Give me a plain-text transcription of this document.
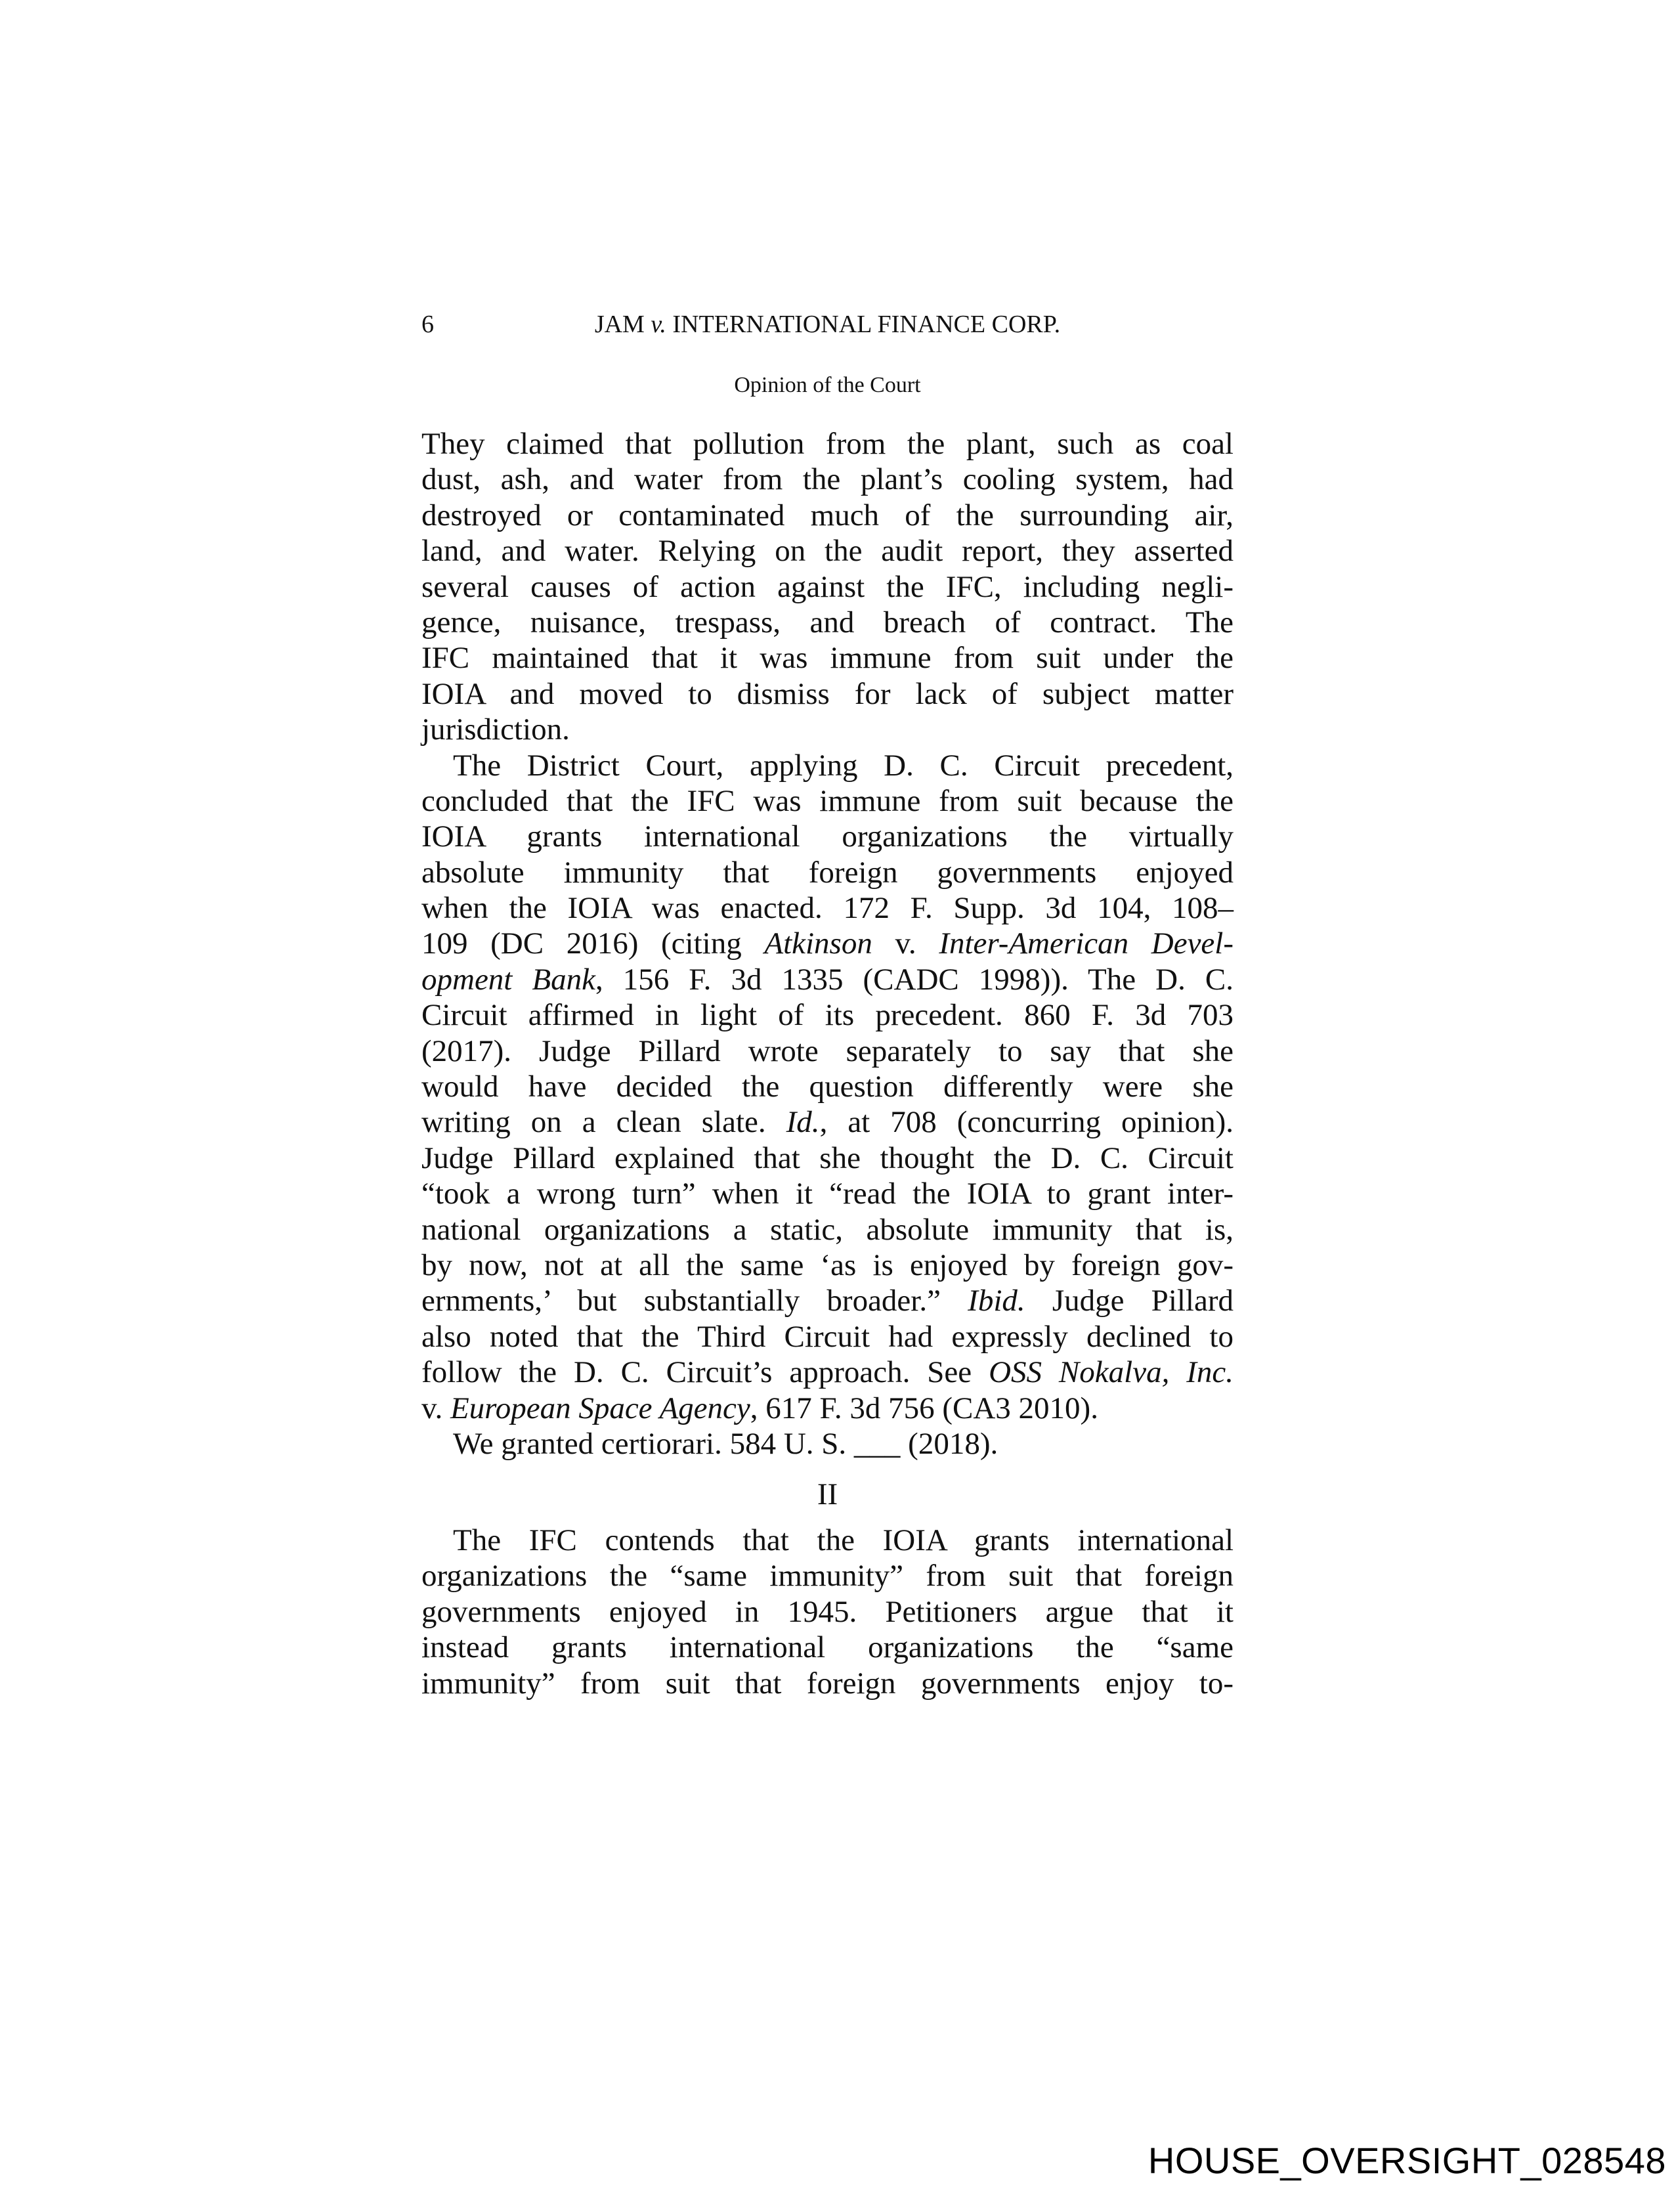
6	JAM v. INTERNATIONAL FINANCE CORP.
Opinion of the Court
They claimed that pollution from the plant, such as coal
dust, ash, and water from the plant’s cooling system, had
destroyed or contaminated much of the surrounding air,
land, and water. Relying on the audit report, they asserted
several causes of action against the IFC, including negli-
gence, nuisance, trespass, and breach of contract. The
IFC maintained that it was immune from suit under the
IOIA and moved to dismiss for lack of subject matter
jurisdiction.
The District Court, applying D. C. Circuit precedent,
concluded that the IFC was immune from suit because the
IOIA grants international organizations the virtually
absolute immunity that foreign governments enjoyed
when the IOIA was enacted. 172 F. Supp. 3d 104, 108–
109 (DC 2016) (citing Atkinson v. Inter-American Devel-
opment Bank, 156 F. 3d 1335 (CADC 1998)). The D. C.
Circuit affirmed in light of its precedent. 860 F. 3d 703
(2017). Judge Pillard wrote separately to say that she
would have decided the question differently were she
writing on a clean slate. Id., at 708 (concurring opinion).
Judge Pillard explained that she thought the D. C. Circuit
“took a wrong turn” when it “read the IOIA to grant inter-
national organizations a static, absolute immunity that is,
by now, not at all the same ‘as is enjoyed by foreign gov-
ernments,’ but substantially broader.” Ibid. Judge Pillard
also noted that the Third Circuit had expressly declined to
follow the D. C. Circuit’s approach. See OSS Nokalva, Inc.
v. European Space Agency, 617 F. 3d 756 (CA3 2010).
We granted certiorari. 584 U. S. ___ (2018).
II
The IFC contends that the IOIA grants international
organizations the “same immunity” from suit that foreign
governments enjoyed in 1945. Petitioners argue that it
instead grants international organizations the “same
immunity” from suit that foreign governments enjoy to-
HOUSE_OVERSIGHT_028548
